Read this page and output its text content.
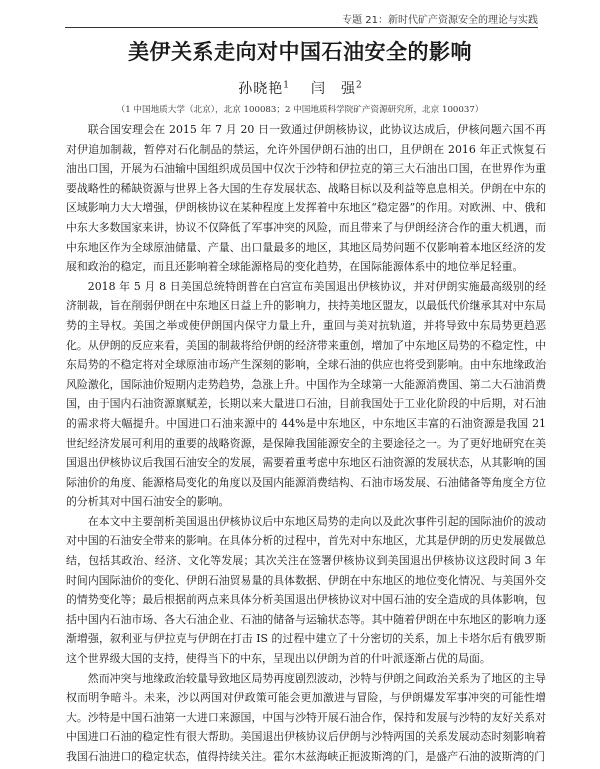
专题 21：新时代矿产资源安全的理论与实践
美伊关系走向对中国石油安全的影响
孙晓艳$^1$ 闫　强$^2$
（1 中国地质大学（北京），北京 100083；2 中国地质科学院矿产资源研究所，北京 100037）

联合国安理会在 2015 年 7 月 20 日一致通过伊朗核协议，此协议达成后，伊核问题六国不再对伊追加制裁，暂停对石化制品的禁运，允许外国伊朗石油的出口，且伊朗在 2016 年正式恢复石油出口国，开展为石油输中国组织成员国中仅次于沙特和伊拉克的第三大石油出口国，在世界作为重要战略性的稀缺资源与世界上各大国的生存发展状态、战略目标以及利益等息息相关。伊朗在中东的区域影响力大大增强，伊朗核协议在某种程度上发挥着中东地区“稳定器”的作用。对欧洲、中、俄和中东大多数国家来讲，协议不仅降低了军事冲突的风险，而且带来了与伊朗经济合作的重大机遇，而中东地区作为全球原油储量、产量、出口量最多的地区，其地区局势问题不仅影响着本地区经济的发展和政治的稳定，而且还影响着全球能源格局的变化趋势，在国际能源体系中的地位举足轻重。

2018 年 5 月 8 日美国总统特朗普在白宫宣布美国退出伊核协议，并对伊朗实施最高级别的经济制裁，旨在削弱伊朗在中东地区日益上升的影响力，扶持美地区盟友，以最低代价继承其对中东局势的主导权。美国之举或使伊朗国内保守力量上升，重回与美对抗轨道，并将导致中东局势更趋恶化。从伊朗的反应来看，美国的制裁将给伊朗的经济带来重创，增加了中东地区局势的不稳定性，中东局势的不稳定将对全球原油市场产生深刻的影响，全球石油的供应也将受到影响。由中东地缘政治风险激化，国际油价短期内走势趋势，急涨上升。中国作为全球第一大能源消费国、第二大石油消费国，由于国内石油资源禀赋差，长期以来大量进口石油，目前我国处于工业化阶段的中后期，对石油的需求将大幅提升。中国进口石油来源中的 44%是中东地区，中东地区丰富的石油资源是我国 21 世纪经济发展可利用的重要的战略资源，是保障我国能源安全的主要途径之一。为了更好地研究在美国退出伊核协议后我国石油安全的发展，需要着重考虑中东地区石油资源的发展状态，从其影响的国际油价的角度、能源格局变化的角度以及国内能源消费结构、石油市场发展、石油储备等角度全方位的分析其对中国石油安全的影响。

在本文中主要剖析美国退出伊核协议后中东地区局势的走向以及此次事件引起的国际油价的波动对中国的石油安全带来的影响。在具体分析的过程中，首先对中东地区，尤其是伊朗的历史发展做总结，包括其政治、经济、文化等发展；其次关注在签署伊核协议到美国退出伊核协议这段时间 3 年时间内国际油价的变化、伊朗石油贸易量的具体数据、伊朗在中东地区的地位变化情况、与美国外交的情势变化等；最后根据前两点来具体分析美国退出伊核协议对中国石油的安全造成的具体影响，包括中国内石油市场、各大石油企业、石油的储备与运输状态等。其中随着伊朗在中东地区的影响力逐渐增强，叙利亚与伊拉克与伊朗在打击 IS 的过程中建立了十分密切的关系，加上卡塔尔后有俄罗斯这个世界级大国的支持，使得当下的中东，呈现出以伊朗为首的什叶派逐渐占优的局面。

然而冲突与地缘政治较量导致地区局势再度剧烈波动，沙特与伊朗之间政治关系为了地区的主导权而明争暗斗。未来，沙以两国对伊政策可能会更加激进与冒险，与伊朗爆发军事冲突的可能性增大。沙特是中国石油第一大进口来源国，中国与沙特开展石油合作，保持和发展与沙特的友好关系对中国进口石油的稳定性有很大帮助。美国退出伊核协议后伊朗与沙特两国的关系发展动态时刻影响着我国石油进口的稳定状态，值得持续关注。霍尔木兹海峡正扼波斯湾的门，是盛产石油的波斯湾的门
